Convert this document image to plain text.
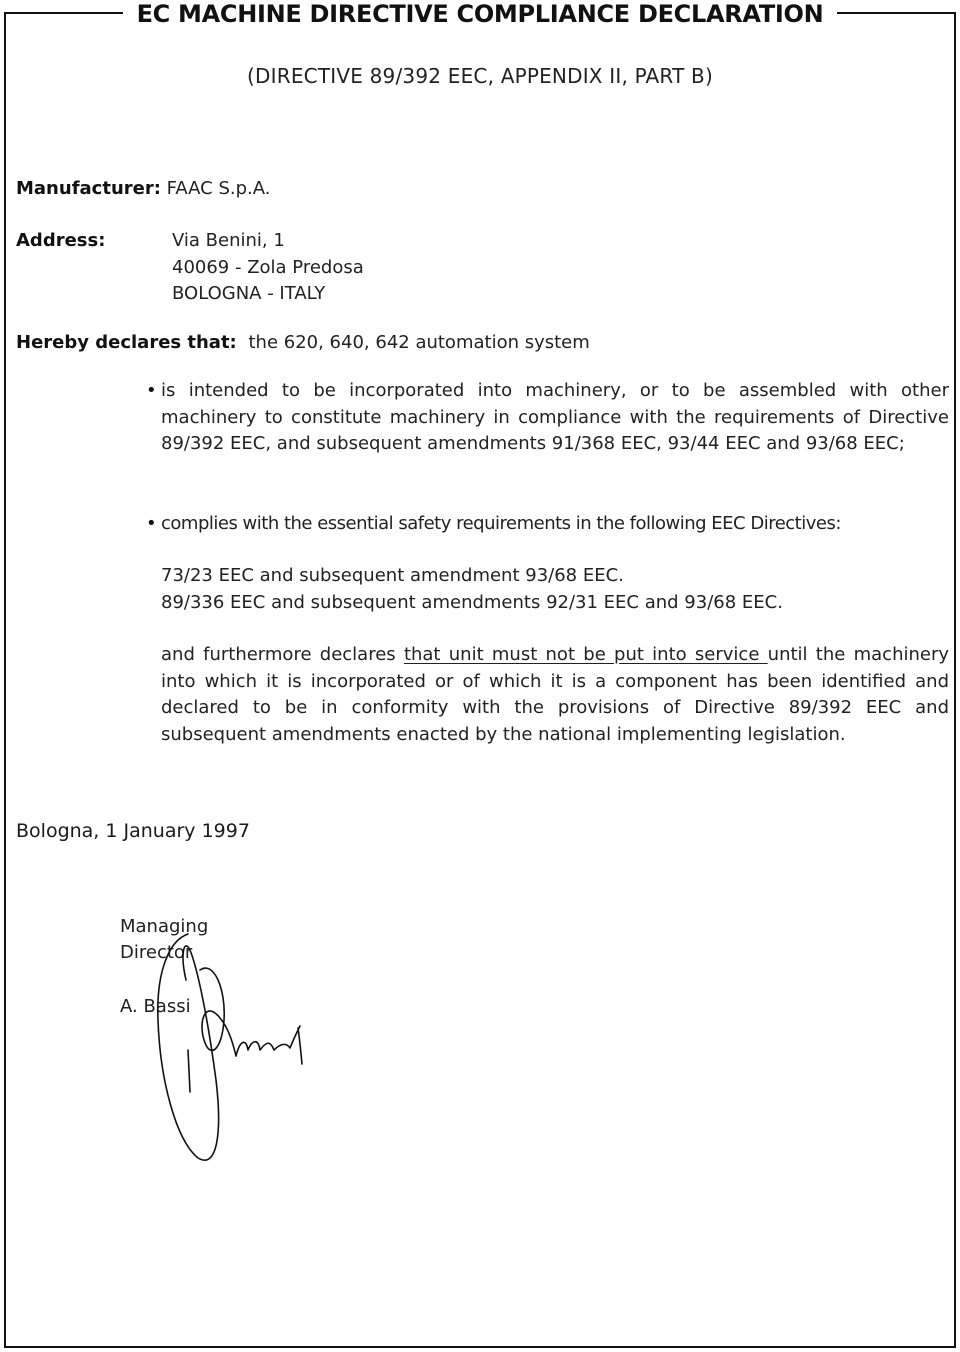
EC MACHINE DIRECTIVE COMPLIANCE DECLARATION
(DIRECTIVE 89/392 EEC, APPENDIX II, PART B)
Manufacturer: FAAC S.p.A.
Address:	Via Benini, 1
40069 - Zola Predosa
BOLOGNA - ITALY
Hereby declares that: the 620, 640, 642 automation system
• is intended to be incorporated into machinery, or to be assembled with other machinery to constitute machinery in compliance with the requirements of Directive 89/392 EEC, and subsequent amendments 91/368 EEC, 93/44 EEC and 93/68 EEC;
• complies with the essential safety requirements in the following EEC Directives:
73/23 EEC and subsequent amendment 93/68 EEC.
89/336 EEC and subsequent amendments 92/31 EEC and 93/68 EEC.
and furthermore declares that unit must not be put into service until the machinery into which it is incorporated or of which it is a component has been identified and declared to be in conformity with the provisions of Directive 89/392 EEC and subsequent amendments enacted by the national implementing legislation.
Bologna, 1 January 1997
Managing
Director
A. Bassi
